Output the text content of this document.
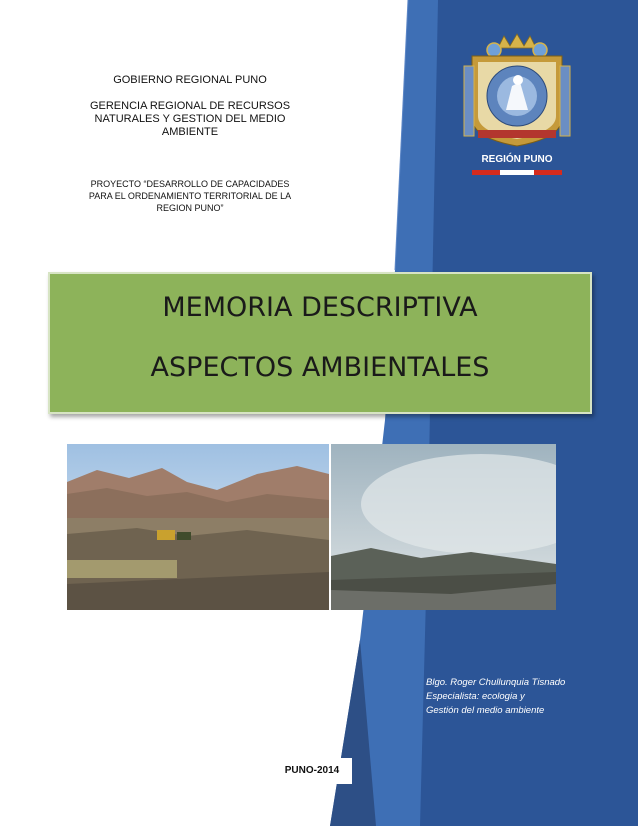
GOBIERNO REGIONAL PUNO
GERENCIA REGIONAL DE RECURSOS
NATURALES Y GESTION DEL MEDIO
AMBIENTE
PROYECTO “DESARROLLO DE CAPACIDADES
PARA EL ORDENAMIENTO TERRITORIAL DE LA
REGION PUNO”
REGIÓN PUNO
MEMORIA DESCRIPTIVA
ASPECTOS AMBIENTALES
Blgo. Roger Chullunquia Tisnado
Especialista: ecologia y
Gestión del medio ambiente
PUNO-2014
